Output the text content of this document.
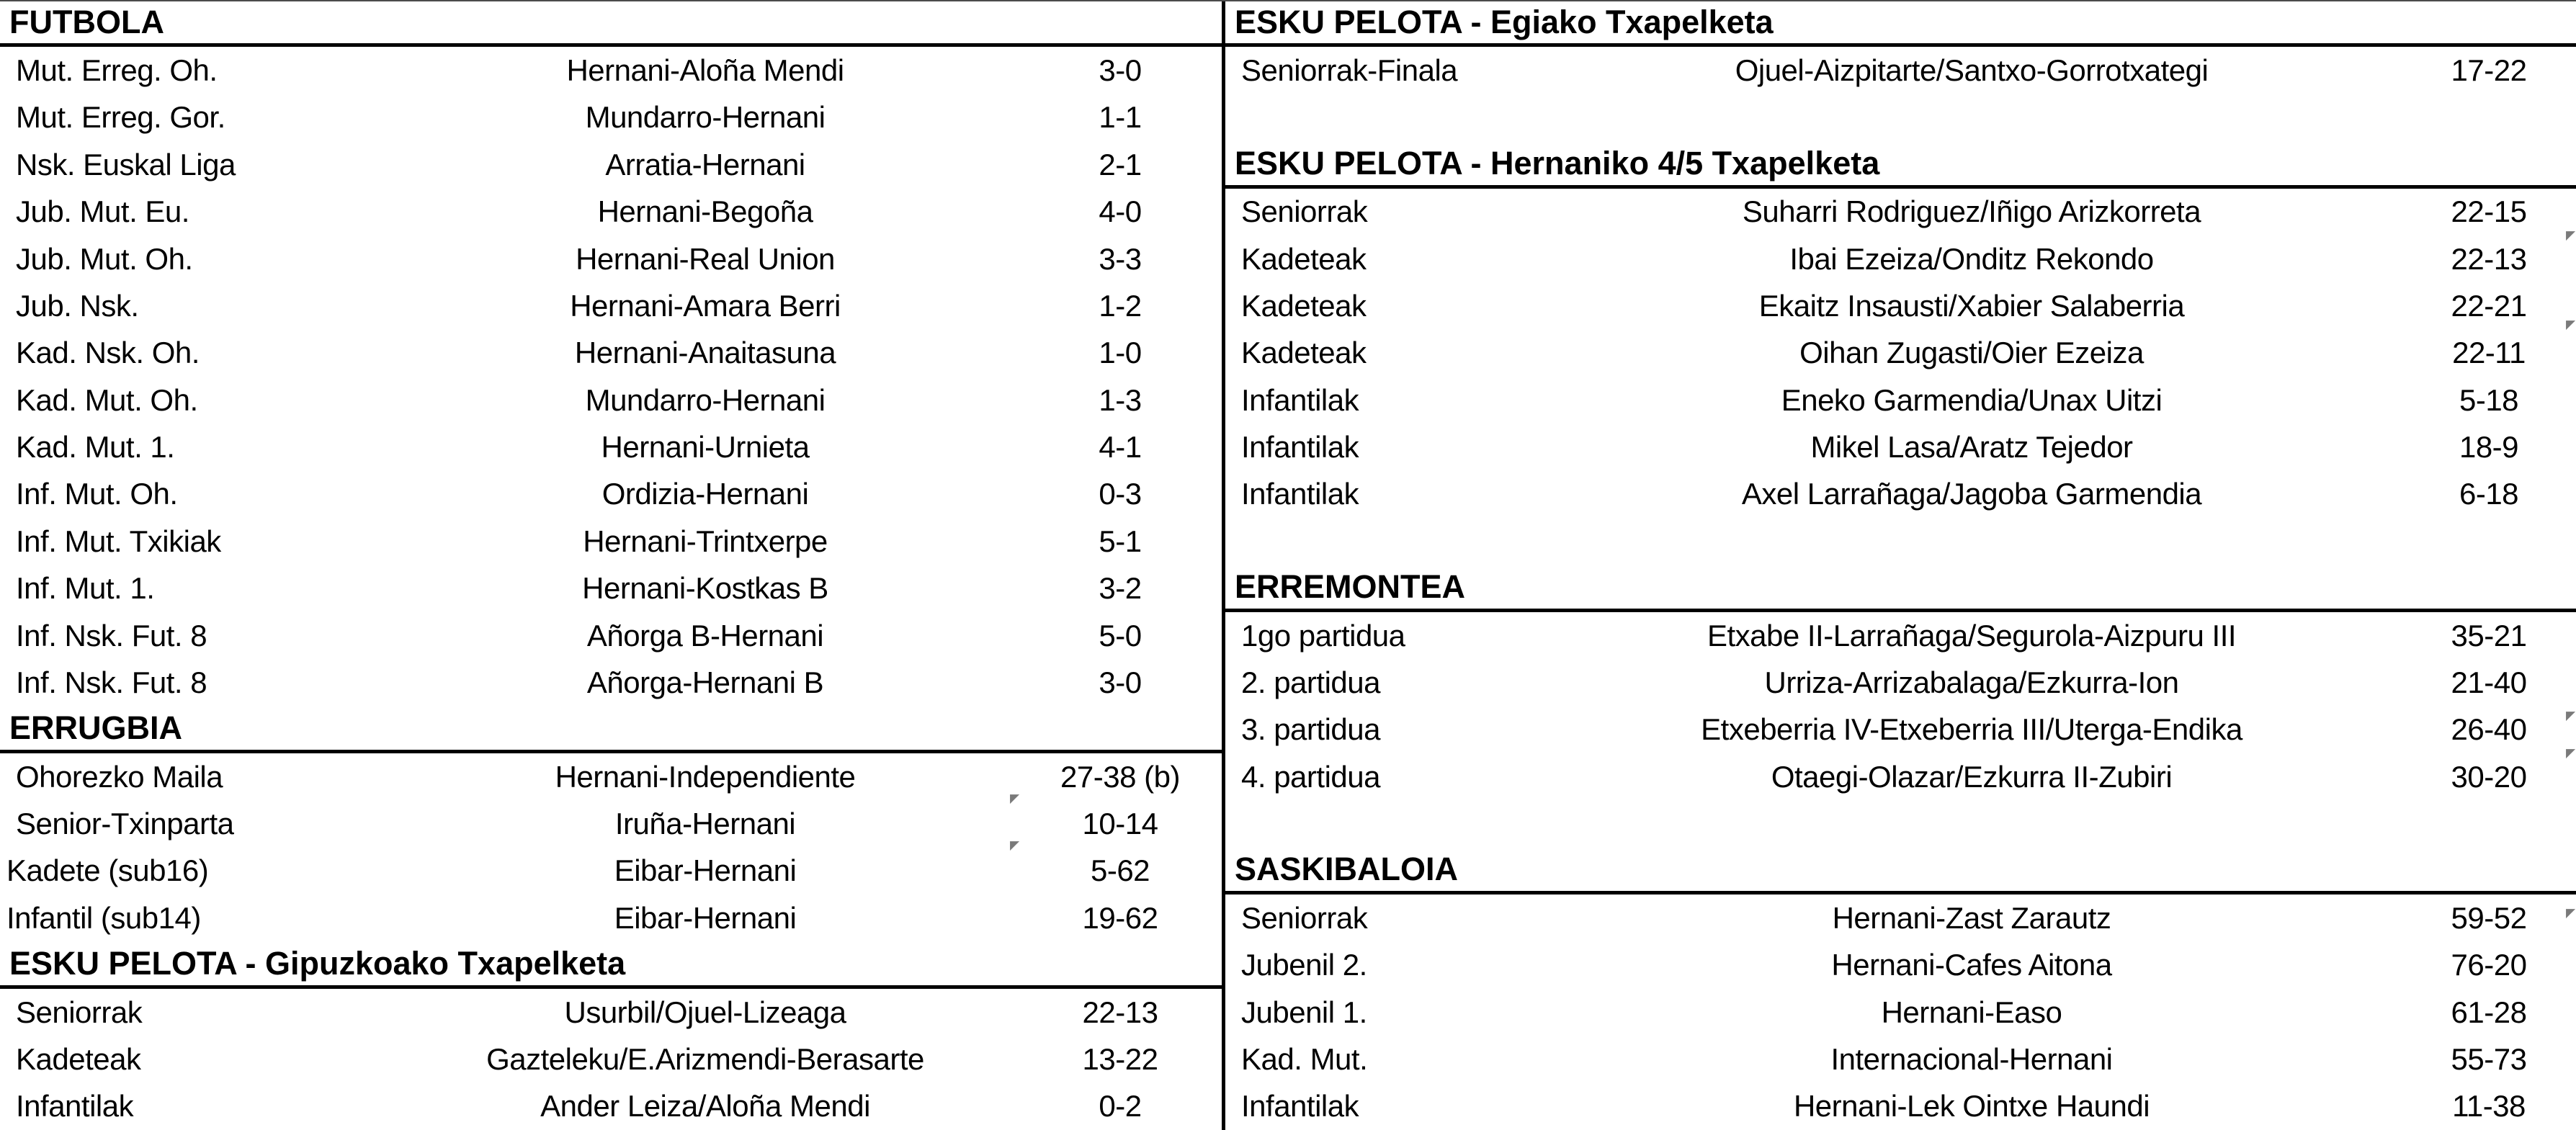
FUTBOLA
Mut. Erreg. Oh.	Hernani-Aloña Mendi	3-0
Mut. Erreg. Gor.	Mundarro-Hernani	1-1
Nsk. Euskal Liga	Arratia-Hernani	2-1
Jub. Mut. Eu.	Hernani-Begoña	4-0
Jub. Mut. Oh.	Hernani-Real Union	3-3
Jub. Nsk.	Hernani-Amara Berri	1-2
Kad. Nsk. Oh.	Hernani-Anaitasuna	1-0
Kad. Mut. Oh.	Mundarro-Hernani	1-3
Kad. Mut. 1.	Hernani-Urnieta	4-1
Inf. Mut. Oh.	Ordizia-Hernani	0-3
Inf. Mut. Txikiak	Hernani-Trintxerpe	5-1
Inf. Mut. 1.	Hernani-Kostkas B	3-2
Inf. Nsk. Fut. 8	Añorga B-Hernani	5-0
Inf. Nsk. Fut. 8	Añorga-Hernani B	3-0
ERRUGBIA
Ohorezko Maila	Hernani-Independiente	27-38 (b)
Senior-Txinparta	Iruña-Hernani	10-14
Kadete (sub16)	Eibar-Hernani	5-62
Infantil (sub14)	Eibar-Hernani	19-62
ESKU PELOTA - Gipuzkoako Txapelketa
Seniorrak	Usurbil/Ojuel-Lizeaga	22-13
Kadeteak	Gazteleku/E.Arizmendi-Berasarte	13-22
Infantilak	Ander Leiza/Aloña Mendi	0-2
ESKU PELOTA - Egiako Txapelketa
Seniorrak-Finala	Ojuel-Aizpitarte/Santxo-Gorrotxategi	17-22
ESKU PELOTA - Hernaniko 4/5 Txapelketa
Seniorrak	Suharri Rodriguez/Iñigo Arizkorreta	22-15
Kadeteak	Ibai Ezeiza/Onditz Rekondo	22-13
Kadeteak	Ekaitz Insausti/Xabier Salaberria	22-21
Kadeteak	Oihan Zugasti/Oier Ezeiza	22-11
Infantilak	Eneko Garmendia/Unax Uitzi	5-18
Infantilak	Mikel Lasa/Aratz Tejedor	18-9
Infantilak	Axel Larrañaga/Jagoba Garmendia	6-18
ERREMONTEA
1go partidua	Etxabe II-Larrañaga/Segurola-Aizpuru III	35-21
2. partidua	Urriza-Arrizabalaga/Ezkurra-Ion	21-40
3. partidua	Etxeberria IV-Etxeberria III/Uterga-Endika	26-40
4. partidua	Otaegi-Olazar/Ezkurra II-Zubiri	30-20
SASKIBALOIA
Seniorrak	Hernani-Zast Zarautz	59-52
Jubenil 2.	Hernani-Cafes Aitona	76-20
Jubenil 1.	Hernani-Easo	61-28
Kad. Mut.	Internacional-Hernani	55-73
Infantilak	Hernani-Lek Ointxe Haundi	11-38
◤
◤
◤
◤
◤
◤
◤
